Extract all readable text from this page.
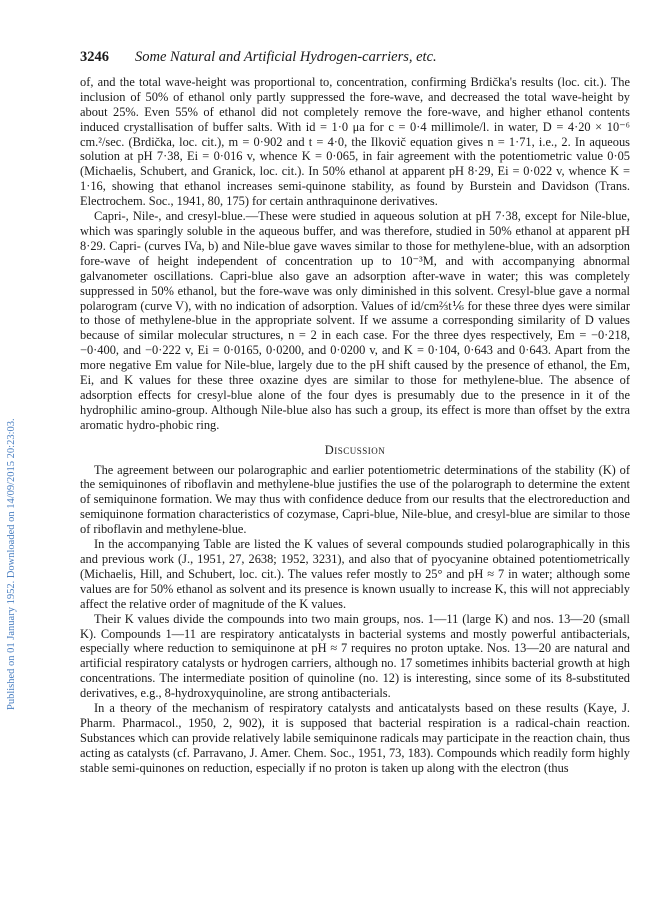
Published on 01 January 1952. Downloaded on 14/09/2015 20:23:03.
3246 Some Natural and Artificial Hydrogen-carriers, etc.

of, and the total wave-height was proportional to, concentration, confirming Brdička's results (loc. cit.). The inclusion of 50% of ethanol only partly suppressed the fore-wave, and decreased the total wave-height by about 25%. Even 55% of ethanol did not completely remove the fore-wave, and higher ethanol contents induced crystallisation of buffer salts. With id = 1·0 μa for c = 0·4 millimole/l. in water, D = 4·20 × 10⁻⁶ cm.²/sec. (Brdička, loc. cit.), m = 0·902 and t = 4·0, the Ilkovič equation gives n = 1·71, i.e., 2. In aqueous solution at pH 7·38, Ei = 0·016 v, whence K = 0·065, in fair agreement with the potentiometric value 0·05 (Michaelis, Schubert, and Granick, loc. cit.). In 50% ethanol at apparent pH 8·29, Ei = 0·022 v, whence K = 1·16, showing that ethanol increases semi-quinone stability, as found by Burstein and Davidson (Trans. Electrochem. Soc., 1941, 80, 175) for certain anthraquinone derivatives.

Capri-, Nile-, and cresyl-blue.—These were studied in aqueous solution at pH 7·38, except for Nile-blue, which was sparingly soluble in the aqueous buffer, and was therefore, studied in 50% ethanol at apparent pH 8·29. Capri- (curves IVa, b) and Nile-blue gave waves similar to those for methylene-blue, with an adsorption fore-wave of height independent of concentration up to 10⁻³M, and with accompanying abnormal galvanometer oscillations. Capri-blue also gave an adsorption after-wave in water; this was completely suppressed in 50% ethanol, but the fore-wave was only diminished in this solvent. Cresyl-blue gave a normal polarogram (curve V), with no indication of adsorption. Values of id/cm⅔t⅙ for these three dyes were similar to those of methylene-blue in the appropriate solvent. If we assume a corresponding similarity of D values because of similar molecular structures, n = 2 in each case. For the three dyes respectively, Em = −0·218, −0·400, and −0·222 v, Ei = 0·0165, 0·0200, and 0·0200 v, and K = 0·104, 0·643 and 0·643. Apart from the more negative Em value for Nile-blue, largely due to the pH shift caused by the presence of ethanol, the Em, Ei, and K values for these three oxazine dyes are similar to those for methylene-blue. The absence of adsorption effects for cresyl-blue alone of the four dyes is presumably due to the presence in it of the hydrophilic amino-group. Although Nile-blue also has such a group, its effect is more than offset by the extra aromatic hydro-phobic ring.

Discussion

The agreement between our polarographic and earlier potentiometric determinations of the stability (K) of the semiquinones of riboflavin and methylene-blue justifies the use of the polarograph to determine the extent of semiquinone formation. We may thus with confidence deduce from our results that the electroreduction and semiquinone formation characteristics of cozymase, Capri-blue, Nile-blue, and cresyl-blue are similar to those of riboflavin and methylene-blue.

In the accompanying Table are listed the K values of several compounds studied polarographically in this and previous work (J., 1951, 27, 2638; 1952, 3231), and also that of pyocyanine obtained potentiometrically (Michaelis, Hill, and Schubert, loc. cit.). The values refer mostly to 25° and pH ≈ 7 in water; although some values are for 50% ethanol as solvent and its presence is known usually to increase K, this will not appreciably affect the relative order of magnitude of the K values.

Their K values divide the compounds into two main groups, nos. 1—11 (large K) and nos. 13—20 (small K). Compounds 1—11 are respiratory anticatalysts in bacterial systems and mostly powerful antibacterials, especially where reduction to semiquinone at pH ≈ 7 requires no proton uptake. Nos. 13—20 are natural and artificial respiratory catalysts or hydrogen carriers, although no. 17 sometimes inhibits bacterial growth at high concentrations. The intermediate position of quinoline (no. 12) is interesting, since some of its 8-substituted derivatives, e.g., 8-hydroxyquinoline, are strong antibacterials.

In a theory of the mechanism of respiratory catalysts and anticatalysts based on these results (Kaye, J. Pharm. Pharmacol., 1950, 2, 902), it is supposed that bacterial respiration is a radical-chain reaction. Substances which can provide relatively labile semiquinone radicals may participate in the reaction chain, thus acting as catalysts (cf. Parravano, J. Amer. Chem. Soc., 1951, 73, 183). Compounds which readily form highly stable semi-quinones on reduction, especially if no proton is taken up along with the electron (thus
